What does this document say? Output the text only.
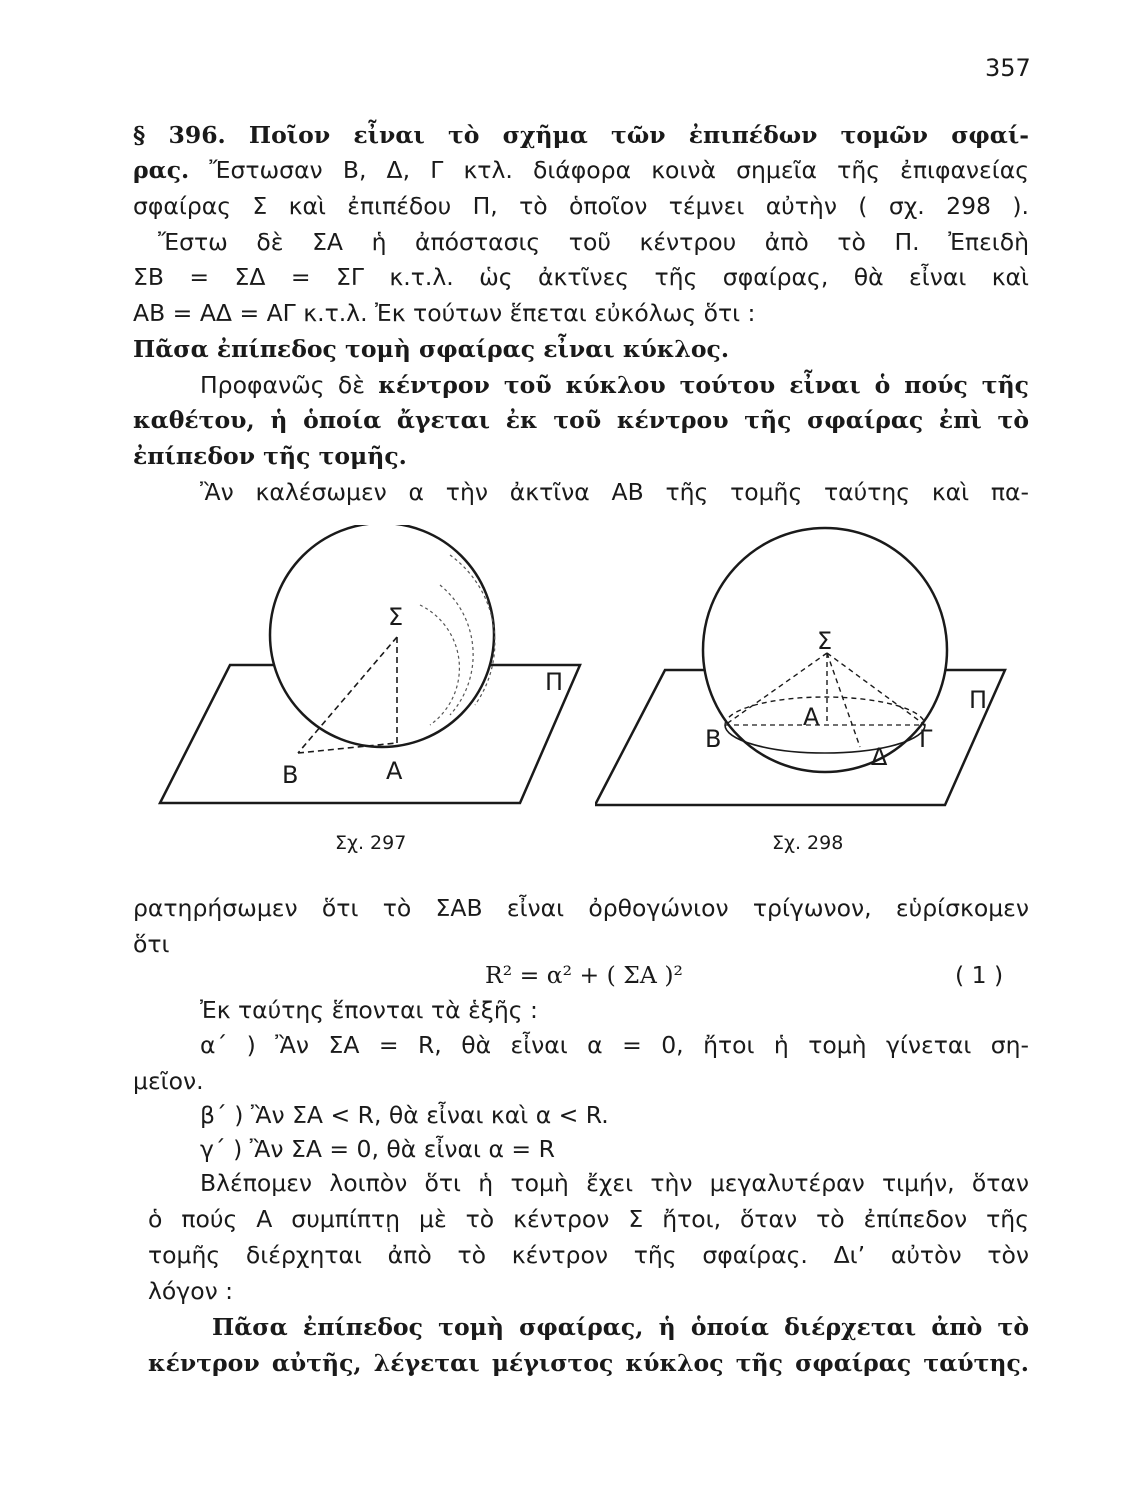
357
§ 396. Ποῖον εἶναι τὸ σχῆμα τῶν ἐπιπέδων τομῶν σφαί-
ρας. Ἔστωσαν Β, Δ, Γ κτλ. διάφορα κοινὰ σημεῖα τῆς ἐπιφανείας
σφαίρας Σ καὶ ἐπιπέδου Π, τὸ ὁποῖον τέμνει αὐτὴν ( σχ. 298 ).
Ἔστω δὲ ΣΑ ἡ ἀπόστασις τοῦ κέντρου ἀπὸ τὸ Π. Ἐπειδὴ
ΣΒ = ΣΔ = ΣΓ κ.τ.λ. ὡς ἀκτῖνες τῆς σφαίρας, θὰ εἶναι καὶ
ΑΒ = ΑΔ = ΑΓ κ.τ.λ. Ἐκ τούτων ἕπεται εὐκόλως ὅτι :
Πᾶσα ἐπίπεδος τομὴ σφαίρας εἶναι κύκλος.
Προφανῶς δὲ κέντρον τοῦ κύκλου τούτου εἶναι ὁ πούς τῆς
καθέτου, ἡ ὁποία ἄγεται ἐκ τοῦ κέντρου τῆς σφαίρας ἐπὶ τὸ
ἐπίπεδον τῆς τομῆς.
Ἂν καλέσωμεν α τὴν ἀκτῖνα ΑΒ τῆς τομῆς ταύτης καὶ πα-
Σ
Π
Β	Α
Σχ. 297
Σ
Π
Β
Α
Γ
Δ
Σχ. 298
ρατηρήσωμεν ὅτι τὸ ΣΑΒ εἶναι ὀρθογώνιον τρίγωνον, εὑρίσκομεν
ὅτι
R² = α² + ( ΣΑ )²	( 1 )
Ἐκ ταύτης ἕπονται τὰ ἑξῆς :
α΄ ) Ἂν ΣΑ = R, θὰ εἶναι α = 0, ἤτοι ἡ τομὴ γίνεται ση-
μεῖον.
β΄ ) Ἂν ΣΑ < R, θὰ εἶναι καὶ α < R.
γ΄ ) Ἂν ΣΑ = 0, θὰ εἶναι α = R
Βλέπομεν λοιπὸν ὅτι ἡ τομὴ ἔχει τὴν μεγαλυτέραν τιμήν, ὅταν
ὁ πούς Α συμπίπτῃ μὲ τὸ κέντρον Σ ἤτοι, ὅταν τὸ ἐπίπεδον τῆς
τομῆς διέρχηται ἀπὸ τὸ κέντρον τῆς σφαίρας. Δι’ αὐτὸν τὸν
λόγον :
Πᾶσα ἐπίπεδος τομὴ σφαίρας, ἡ ὁποία διέρχεται ἀπὸ τὸ
κέντρον αὐτῆς, λέγεται μέγιστος κύκλος τῆς σφαίρας ταύτης.
